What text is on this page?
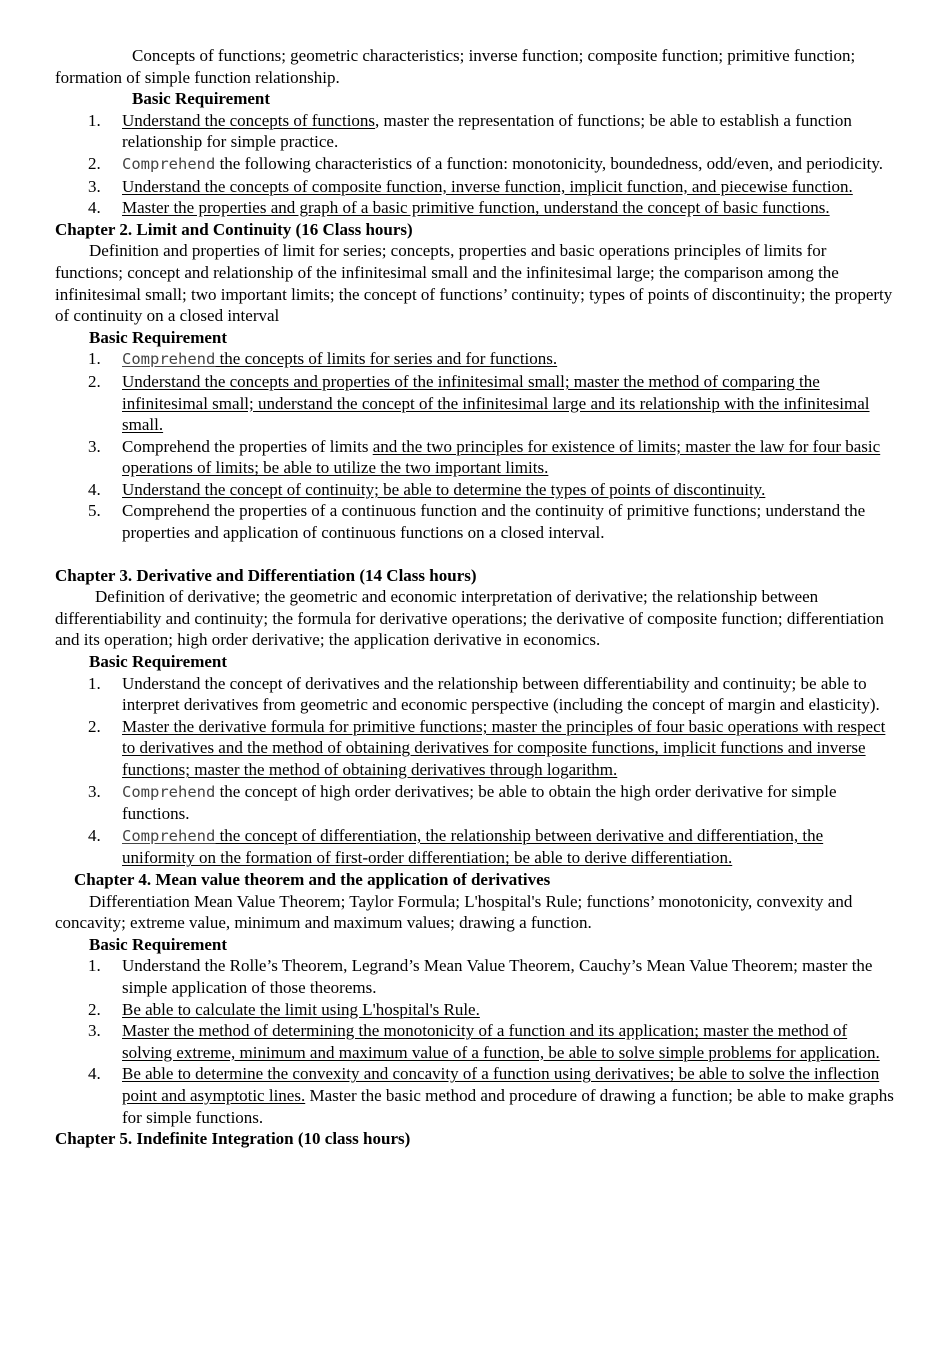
Concepts of functions; geometric characteristics; inverse function; composite function; primitive function; formation of simple function relationship.

Basic Requirement

1. Understand the concepts of functions, master the representation of functions; be able to establish a function relationship for simple practice.
2. Comprehend the following characteristics of a function: monotonicity, boundedness, odd/even, and periodicity.
3. Understand the concepts of composite function, inverse function, implicit function, and piecewise function.
4. Master the properties and graph of a basic primitive function, understand the concept of basic functions.

Chapter 2. Limit and Continuity (16 Class hours)

Definition and properties of limit for series; concepts, properties and basic operations principles of limits for functions; concept and relationship of the infinitesimal small and the infinitesimal large; the comparison among the infinitesimal small; two important limits; the concept of functions’ continuity; types of points of discontinuity; the property of continuity on a closed interval

Basic Requirement

1. Comprehend the concepts of limits for series and for functions.
2. Understand the concepts and properties of the infinitesimal small; master the method of comparing the infinitesimal small; understand the concept of the infinitesimal large and its relationship with the infinitesimal small.
3. Comprehend the properties of limits and the two principles for existence of limits; master the law for four basic operations of limits; be able to utilize the two important limits.
4. Understand the concept of continuity; be able to determine the types of points of discontinuity.
5. Comprehend the properties of a continuous function and the continuity of primitive functions; understand the properties and application of continuous functions on a closed interval.

Chapter 3. Derivative and Differentiation (14 Class hours)

Definition of derivative; the geometric and economic interpretation of derivative; the relationship between differentiability and continuity; the formula for derivative operations; the derivative of composite function; differentiation and its operation; high order derivative; the application derivative in economics.

Basic Requirement

1. Understand the concept of derivatives and the relationship between differentiability and continuity; be able to interpret derivatives from geometric and economic perspective (including the concept of margin and elasticity).
2. Master the derivative formula for primitive functions; master the principles of four basic operations with respect to derivatives and the method of obtaining derivatives for composite functions, implicit functions and inverse functions; master the method of obtaining derivatives through logarithm.
3. Comprehend the concept of high order derivatives; be able to obtain the high order derivative for simple functions.
4. Comprehend the concept of differentiation, the relationship between derivative and differentiation, the uniformity on the formation of first-order differentiation; be able to derive differentiation.

Chapter 4. Mean value theorem and the application of derivatives

Differentiation Mean Value Theorem; Taylor Formula; L'hospital's Rule; functions’ monotonicity, convexity and concavity; extreme value, minimum and maximum values; drawing a function.

Basic Requirement

1. Understand the Rolle’s Theorem, Legrand’s Mean Value Theorem, Cauchy’s Mean Value Theorem; master the simple application of those theorems.
2. Be able to calculate the limit using L'hospital's Rule.
3. Master the method of determining the monotonicity of a function and its application; master the method of solving extreme, minimum and maximum value of a function, be able to solve simple problems for application.
4. Be able to determine the convexity and concavity of a function using derivatives; be able to solve the inflection point and asymptotic lines. Master the basic method and procedure of drawing a function; be able to make graphs for simple functions.

Chapter 5. Indefinite Integration (10 class hours)
